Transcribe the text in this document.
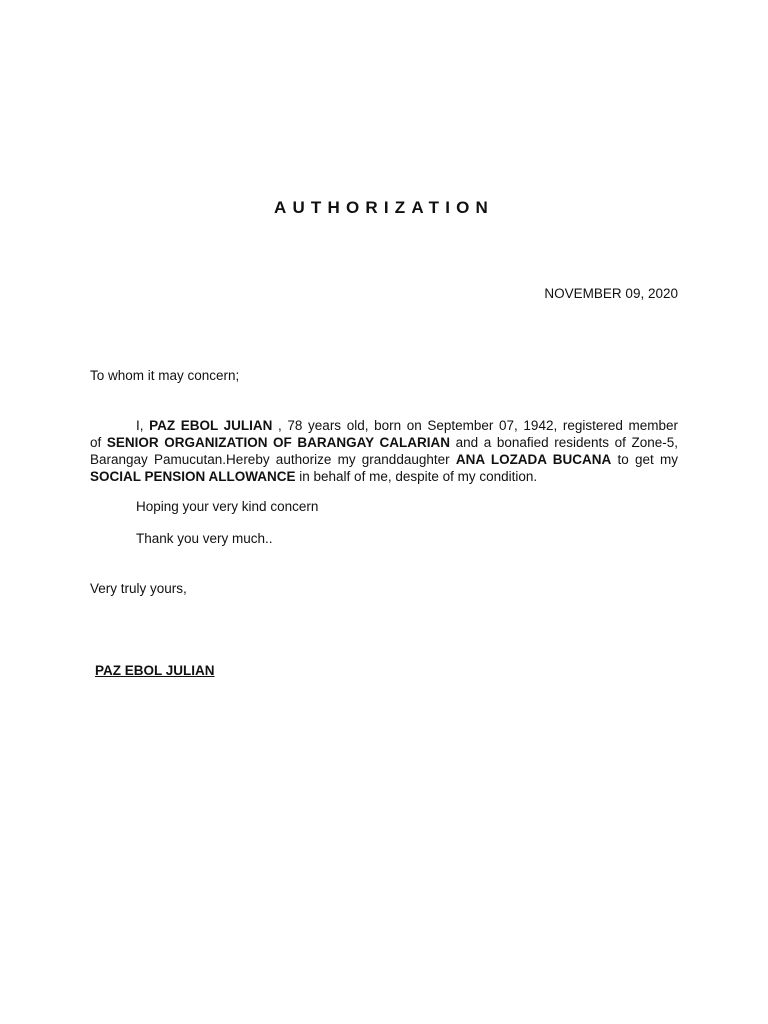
AUTHORIZATION

NOVEMBER 09, 2020

To whom it may concern;

I, PAZ EBOL JULIAN , 78 years old, born on September 07, 1942, registered member
of SENIOR ORGANIZATION OF BARANGAY CALARIAN and a bonafied residents of Zone-5,
Barangay Pamucutan.Hereby authorize my granddaughter ANA LOZADA BUCANA to get my
SOCIAL PENSION ALLOWANCE in behalf of me, despite of my condition.

Hoping your very kind concern

Thank you very much..

Very truly yours,

PAZ EBOL JULIAN
